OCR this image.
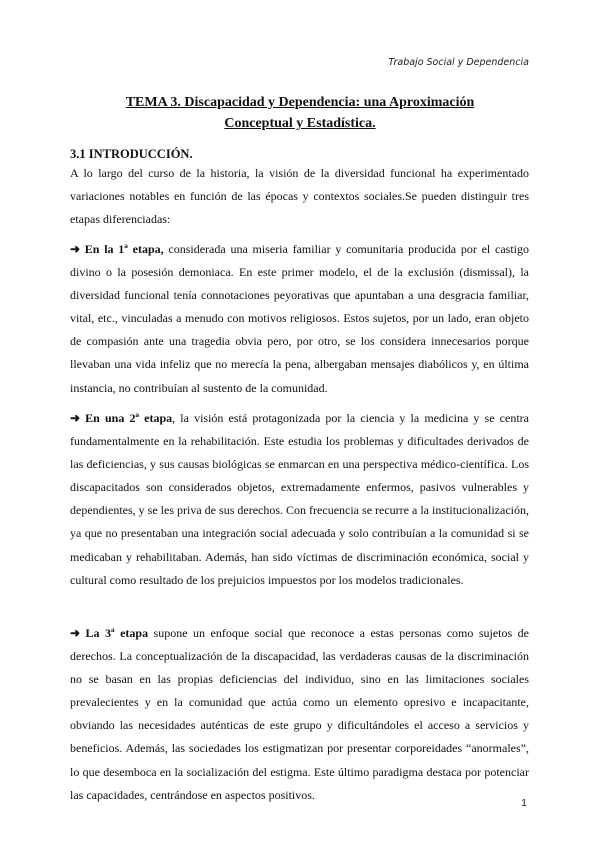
Trabajo Social y Dependencia
TEMA 3. Discapacidad y Dependencia: una Aproximación
Conceptual y Estadística.
3.1 INTRODUCCIÓN.

A lo largo del curso de la historia, la visión de la diversidad funcional ha experimentado variaciones notables en función de las épocas y contextos sociales.Se pueden distinguir tres etapas diferenciadas:

➜ En la 1ª etapa, considerada una miseria familiar y comunitaria producida por el castigo divino o la posesión demoniaca. En este primer modelo, el de la exclusión (dismissal), la diversidad funcional tenía connotaciones peyorativas que apuntaban a una desgracia familiar, vital, etc., vinculadas a menudo con motivos religiosos. Estos sujetos, por un lado, eran objeto de compasión ante una tragedia obvia pero, por otro, se los considera innecesarios porque llevaban una vida infeliz que no merecía la pena, albergaban mensajes diabólicos y, en última instancia, no contribuían al sustento de la comunidad.

➜ En una 2ª etapa, la visión está protagonizada por la ciencia y la medicina y se centra fundamentalmente en la rehabilitación. Este estudia los problemas y dificultades derivados de las deficiencias, y sus causas biológicas se enmarcan en una perspectiva médico-científica. Los discapacitados son considerados objetos, extremadamente enfermos, pasivos vulnerables y dependientes, y se les priva de sus derechos. Con frecuencia se recurre a la institucionalización, ya que no presentaban una integración social adecuada y solo contribuían a la comunidad si se medicaban y rehabilitaban. Además, han sido víctimas de discriminación económica, social y cultural como resultado de los prejuicios impuestos por los modelos tradicionales.

➜ La 3ª etapa supone un enfoque social que reconoce a estas personas como sujetos de derechos. La conceptualización de la discapacidad, las verdaderas causas de la discriminación no se basan en las propias deficiencias del individuo, sino en las limitaciones sociales prevalecientes y en la comunidad que actúa como un elemento opresivo e incapacitante, obviando las necesidades auténticas de este grupo y dificultándoles el acceso a servicios y beneficios. Además, las sociedades los estigmatizan por presentar corporeidades “anormales”, lo que desemboca en la socialización del estigma. Este último paradigma destaca por potenciar las capacidades, centrándose en aspectos positivos.

1
